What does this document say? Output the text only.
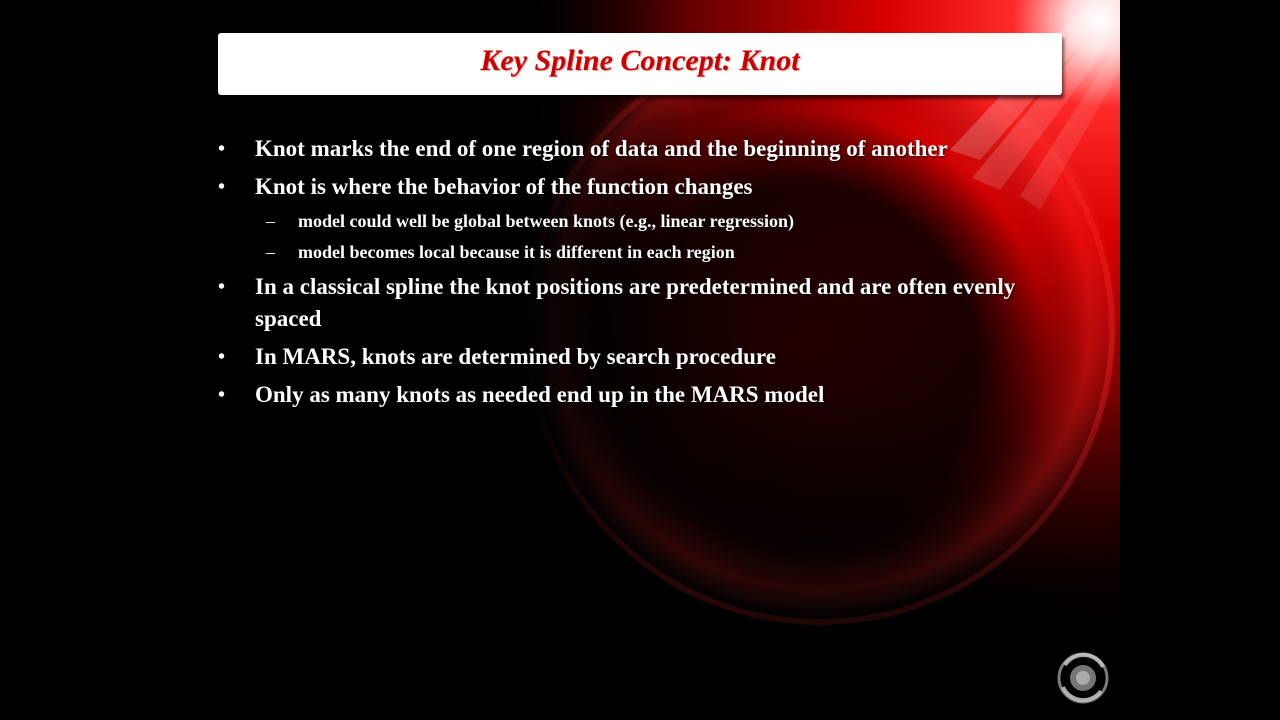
Key Spline Concept: Knot
• Knot marks the end of one region of data and the beginning of another
• Knot is where the behavior of the function changes
– model could well be global between knots (e.g., linear regression)
– model becomes local because it is different in each region
• In a classical spline the knot positions are predetermined and are often evenly spaced
• In MARS, knots are determined by search procedure
• Only as many knots as needed end up in the MARS model
